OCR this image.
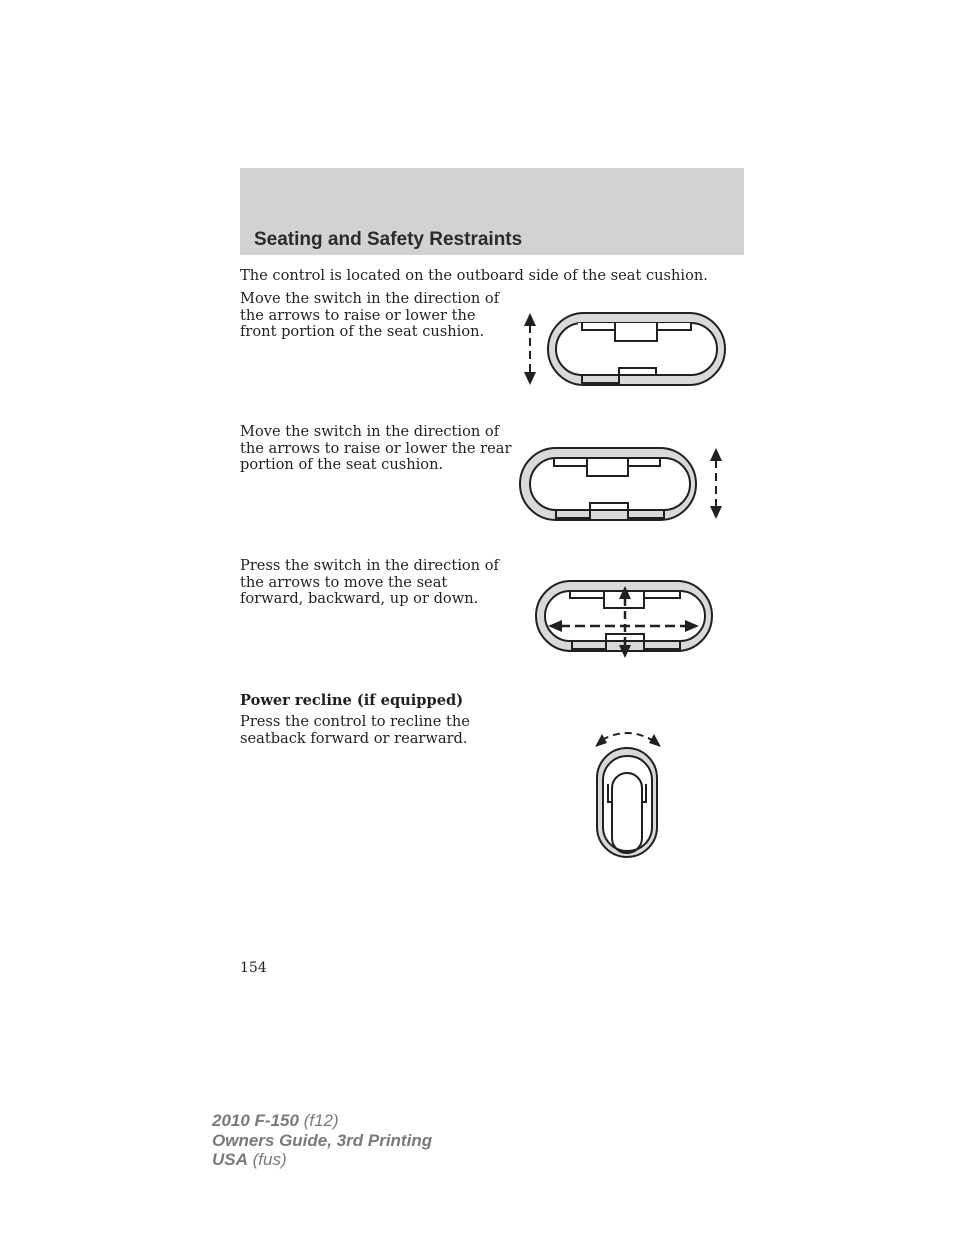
Seating and Safety Restraints
The control is located on the outboard side of the seat cushion.
Move the switch in the direction of
the arrows to raise or lower the
front portion of the seat cushion.
Move the switch in the direction of
the arrows to raise or lower the rear
portion of the seat cushion.
Press the switch in the direction of
the arrows to move the seat
forward, backward, up or down.
Power recline (if equipped)
Press the control to recline the
seatback forward or rearward.
154
2010 F-150 (f12)
Owners Guide, 3rd Printing
USA (fus)
